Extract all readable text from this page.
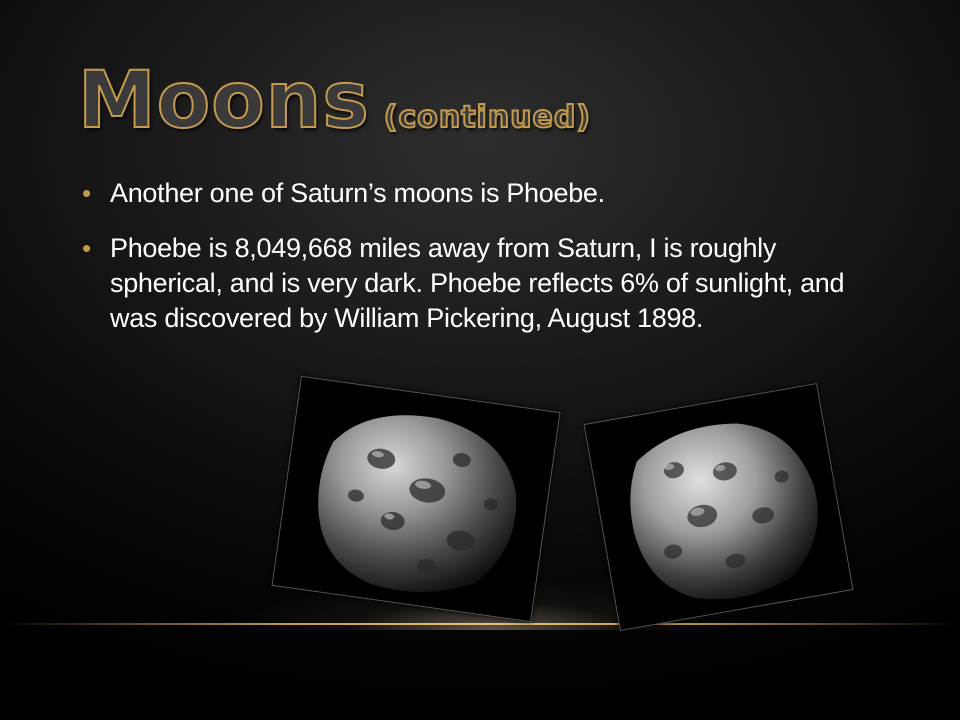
Moons (continued)
• Another one of Saturn’s moons is Phoebe.
• Phoebe is 8,049,668 miles away from Saturn, I is roughly spherical, and is very dark. Phoebe reflects 6% of sunlight, and was discovered by William Pickering, August 1898.
